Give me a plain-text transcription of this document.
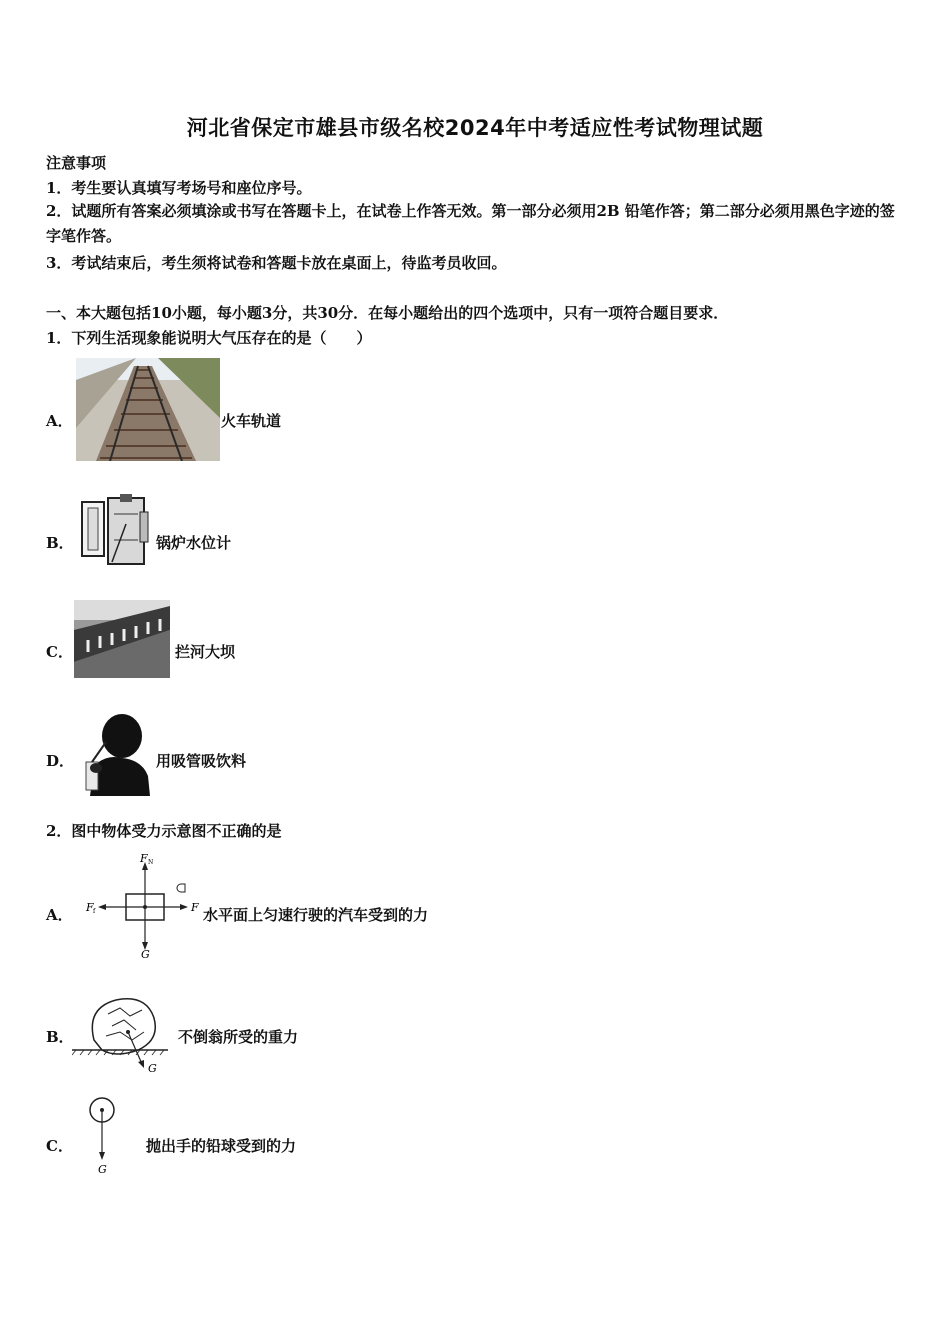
河北省保定市雄县市级名校2024年中考适应性考试物理试题
注意事项
1．考生要认真填写考场号和座位序号。
2．试题所有答案必须填涂或书写在答题卡上，在试卷上作答无效。第一部分必须用2B 铅笔作答；第二部分必须用黑色字迹的签字笔作答。
3．考试结束后，考生须将试卷和答题卡放在桌面上，待监考员收回。
一、本大题包括10小题，每小题3分，共30分．在每小题给出的四个选项中，只有一项符合题目要求．
1．下列生活现象能说明大气压存在的是（　　）
A．	火车轨道
B．	锅炉水位计
C．	拦河大坝
D．	用吸管吸饮料
2．图中物体受力示意图不正确的是
A．
F N
F f	F
G
水平面上匀速行驶的汽车受到的力
B．
G
不倒翁所受的重力
C．
G
抛出手的铅球受到的力
